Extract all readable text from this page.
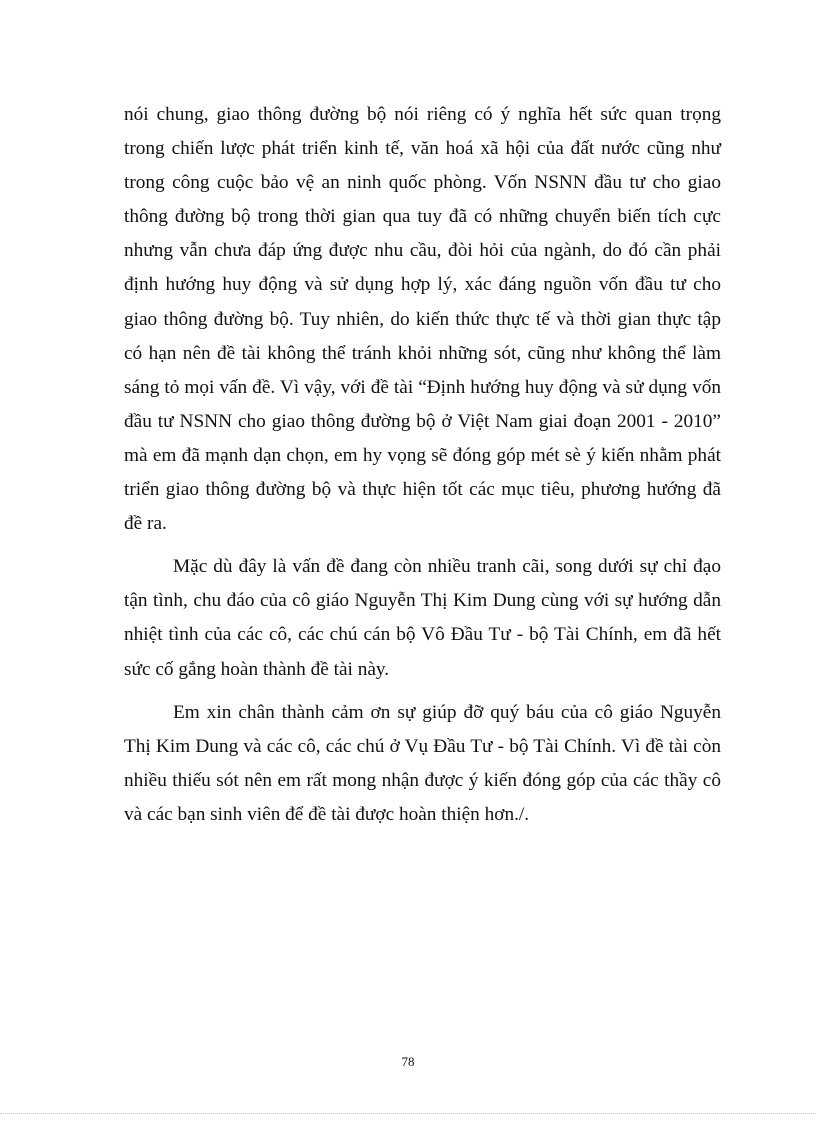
nói chung, giao thông đường bộ nói riêng có ý nghĩa hết sức quan trọng trong chiến lược phát triển kinh tế, văn hoá xã hội của đất nước cũng như trong công cuộc bảo vệ an ninh quốc phòng. Vốn NSNN đầu tư cho giao thông đường bộ trong thời gian qua tuy đã có những chuyển biến tích cực nhưng vẫn chưa đáp ứng được nhu cầu, đòi hỏi của ngành, do đó cần phải định hướng huy động và sử dụng hợp lý, xác đáng nguồn vốn đầu tư cho giao thông đường bộ. Tuy nhiên, do kiến thức thực tế và thời gian thực tập có hạn nên đề tài không thể tránh khỏi những sót, cũng như không thể làm sáng tỏ mọi vấn đề. Vì vậy, với đề tài “Định hướng huy động và sử dụng vốn đầu tư NSNN cho giao thông đường bộ ở Việt Nam giai đoạn 2001 - 2010” mà em đã mạnh dạn chọn, em hy vọng sẽ đóng góp mét sè ý kiến nhằm phát triển giao thông đường bộ và thực hiện tốt các mục tiêu, phương hướng đã đề ra.

Mặc dù đây là vấn đề đang còn nhiều tranh cãi, song dưới sự chỉ đạo tận tình, chu đáo của cô giáo Nguyễn Thị Kim Dung cùng với sự hướng dẫn nhiệt tình của các cô, các chú cán bộ Vô Đầu Tư - bộ Tài Chính, em đã hết sức cố gắng hoàn thành đề tài này.

Em xin chân thành cảm ơn sự giúp đỡ quý báu của cô giáo Nguyễn Thị Kim Dung và các cô, các chú ở Vụ Đầu Tư - bộ Tài Chính. Vì đề tài còn nhiều thiếu sót nên em rất mong nhận được ý kiến đóng góp của các thầy cô và các bạn sinh viên để đề tài được hoàn thiện hơn./.

78
